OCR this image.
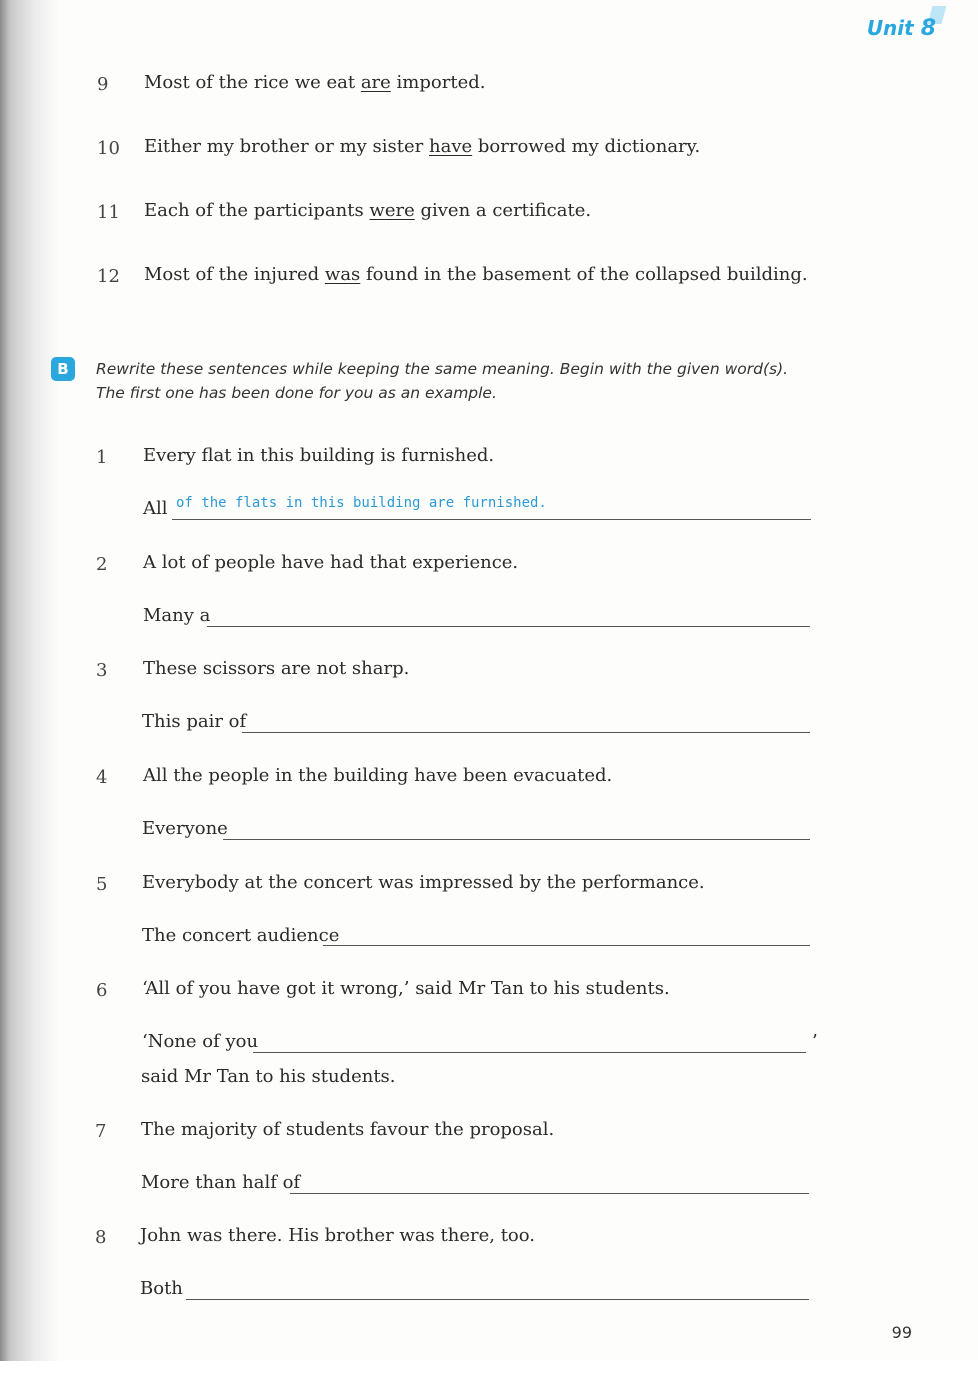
Unit 8
9 Most of the rice we eat are imported.
10 Either my brother or my sister have borrowed my dictionary.
11 Each of the participants were given a certificate.
12 Most of the injured was found in the basement of the collapsed building.
B	Rewrite these sentences while keeping the same meaning. Begin with the given word(s). The first one has been done for you as an example.
1 Every flat in this building is furnished.
All of the flats in this building are furnished.
2 A lot of people have had that experience.
Many a
3 These scissors are not sharp.
This pair of
4 All the people in the building have been evacuated.
Everyone
5 Everybody at the concert was impressed by the performance.
The concert audience
6 ‘All of you have got it wrong,’ said Mr Tan to his students.
‘None of you	’
said Mr Tan to his students.
7 The majority of students favour the proposal.
More than half of
8 John was there. His brother was there, too.
Both
99
